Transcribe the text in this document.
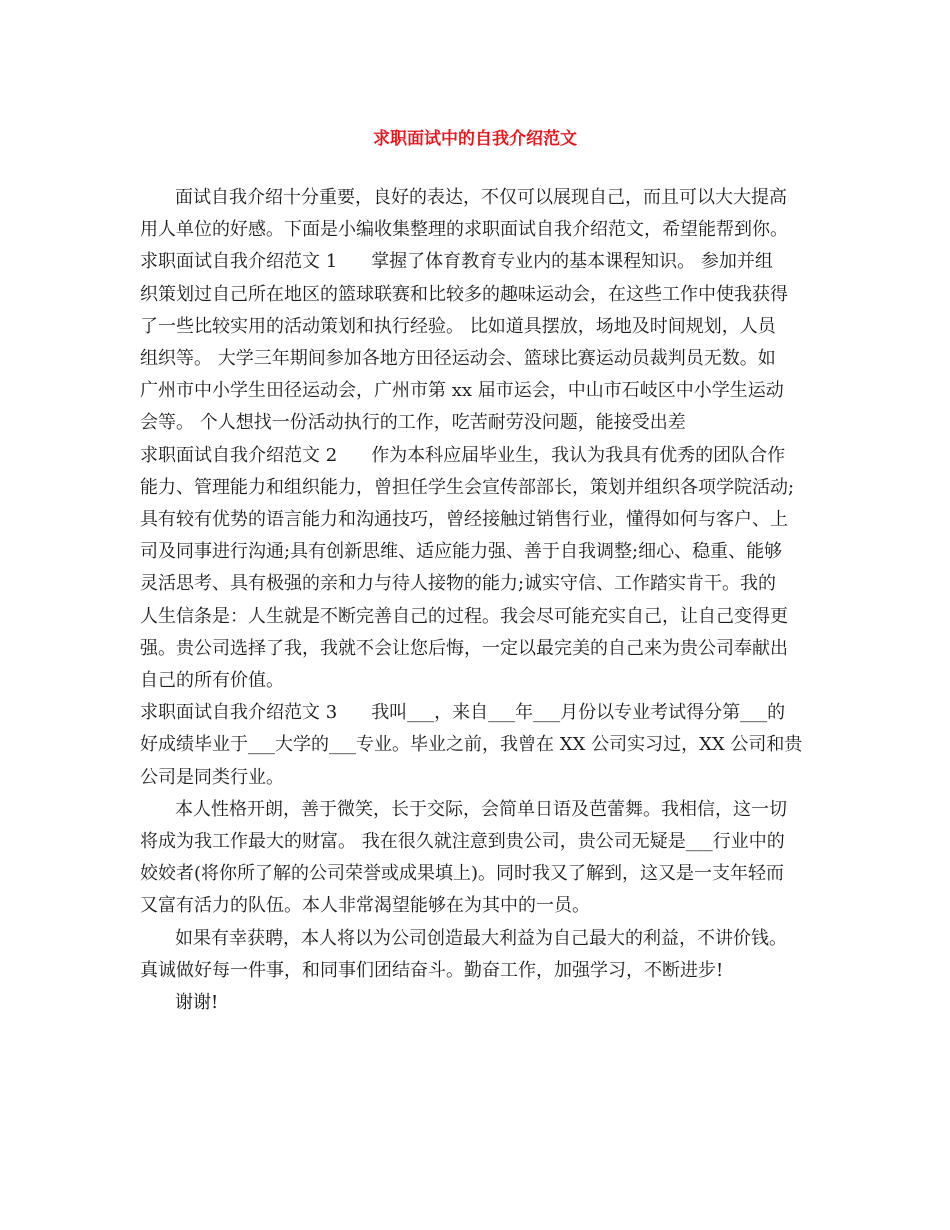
求职面试中的自我介绍范文

面试自我介绍十分重要，良好的表达，不仅可以展现自己，而且可以大大提高

用人单位的好感。下面是小编收集整理的求职面试自我介绍范文，希望能帮到你。

求职面试自我介绍范文 1 掌握了体育教育专业内的基本课程知识。 参加并组

织策划过自己所在地区的篮球联赛和比较多的趣味运动会，在这些工作中使我获得

了一些比较实用的活动策划和执行经验。 比如道具摆放，场地及时间规划，人员

组织等。 大学三年期间参加各地方田径运动会、篮球比赛运动员裁判员无数。如

广州市中小学生田径运动会，广州市第 xx 届市运会，中山市石岐区中小学生运动

会等。 个人想找一份活动执行的工作，吃苦耐劳没问题，能接受出差

求职面试自我介绍范文 2 作为本科应届毕业生，我认为我具有优秀的团队合作

能力、管理能力和组织能力，曾担任学生会宣传部部长，策划并组织各项学院活动;

具有较有优势的语言能力和沟通技巧，曾经接触过销售行业，懂得如何与客户、上

司及同事进行沟通;具有创新思维、适应能力强、善于自我调整;细心、稳重、能够

灵活思考、具有极强的亲和力与待人接物的能力;诚实守信、工作踏实肯干。我的

人生信条是：人生就是不断完善自己的过程。我会尽可能充实自己，让自己变得更

强。贵公司选择了我，我就不会让您后悔，一定以最完美的自己来为贵公司奉献出

自己的所有价值。

求职面试自我介绍范文 3 我叫___，来自___年___月份以专业考试得分第___的

好成绩毕业于___大学的___专业。毕业之前，我曾在 XX 公司实习过，XX 公司和贵

公司是同类行业。

本人性格开朗，善于微笑，长于交际，会简单日语及芭蕾舞。我相信，这一切

将成为我工作最大的财富。 我在很久就注意到贵公司，贵公司无疑是___行业中的

姣姣者(将你所了解的公司荣誉或成果填上)。同时我又了解到，这又是一支年轻而

又富有活力的队伍。本人非常渴望能够在为其中的一员。

如果有幸获聘，本人将以为公司创造最大利益为自己最大的利益，不讲价钱。

真诚做好每一件事，和同事们团结奋斗。勤奋工作，加强学习，不断进步!

谢谢!
